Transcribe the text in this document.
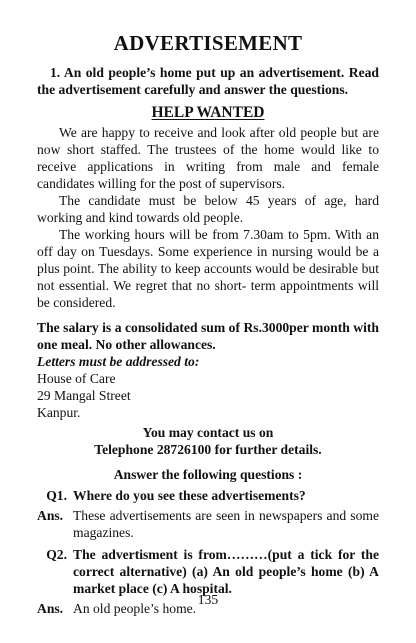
ADVERTISEMENT
1. An old people’s home put up an advertisement. Read the advertisement carefully and answer the questions.
HELP WANTED

We are happy to receive and look after old people but are now short staffed. The trustees of the home would like to receive applications in writing from male and female candidates willing for the post of supervisors.

The candidate must be below 45 years of age, hard working and kind towards old people.

The working hours will be from 7.30am to 5pm. With an off day on Tuesdays. Some experience in nursing would be a plus point. The ability to keep accounts would be desirable but not essential. We regret that no short- term appointments will be considered.

The salary is a consolidated sum of Rs.3000per month with one meal. No other allowances.

Letters must be addressed to:

House of Care

29 Mangal Street

Kanpur.

You may contact us on

Telephone 28726100 for further details.

Answer the following questions :
Q1. Where do you see these advertisements?
Ans. These advertisements are seen in newspapers and some magazines.
Q2. The advertisment is from………(put a tick for the correct alternative) (a) An old people’s home (b) A market place (c) A hospital.
Ans. An old people’s home.
135
